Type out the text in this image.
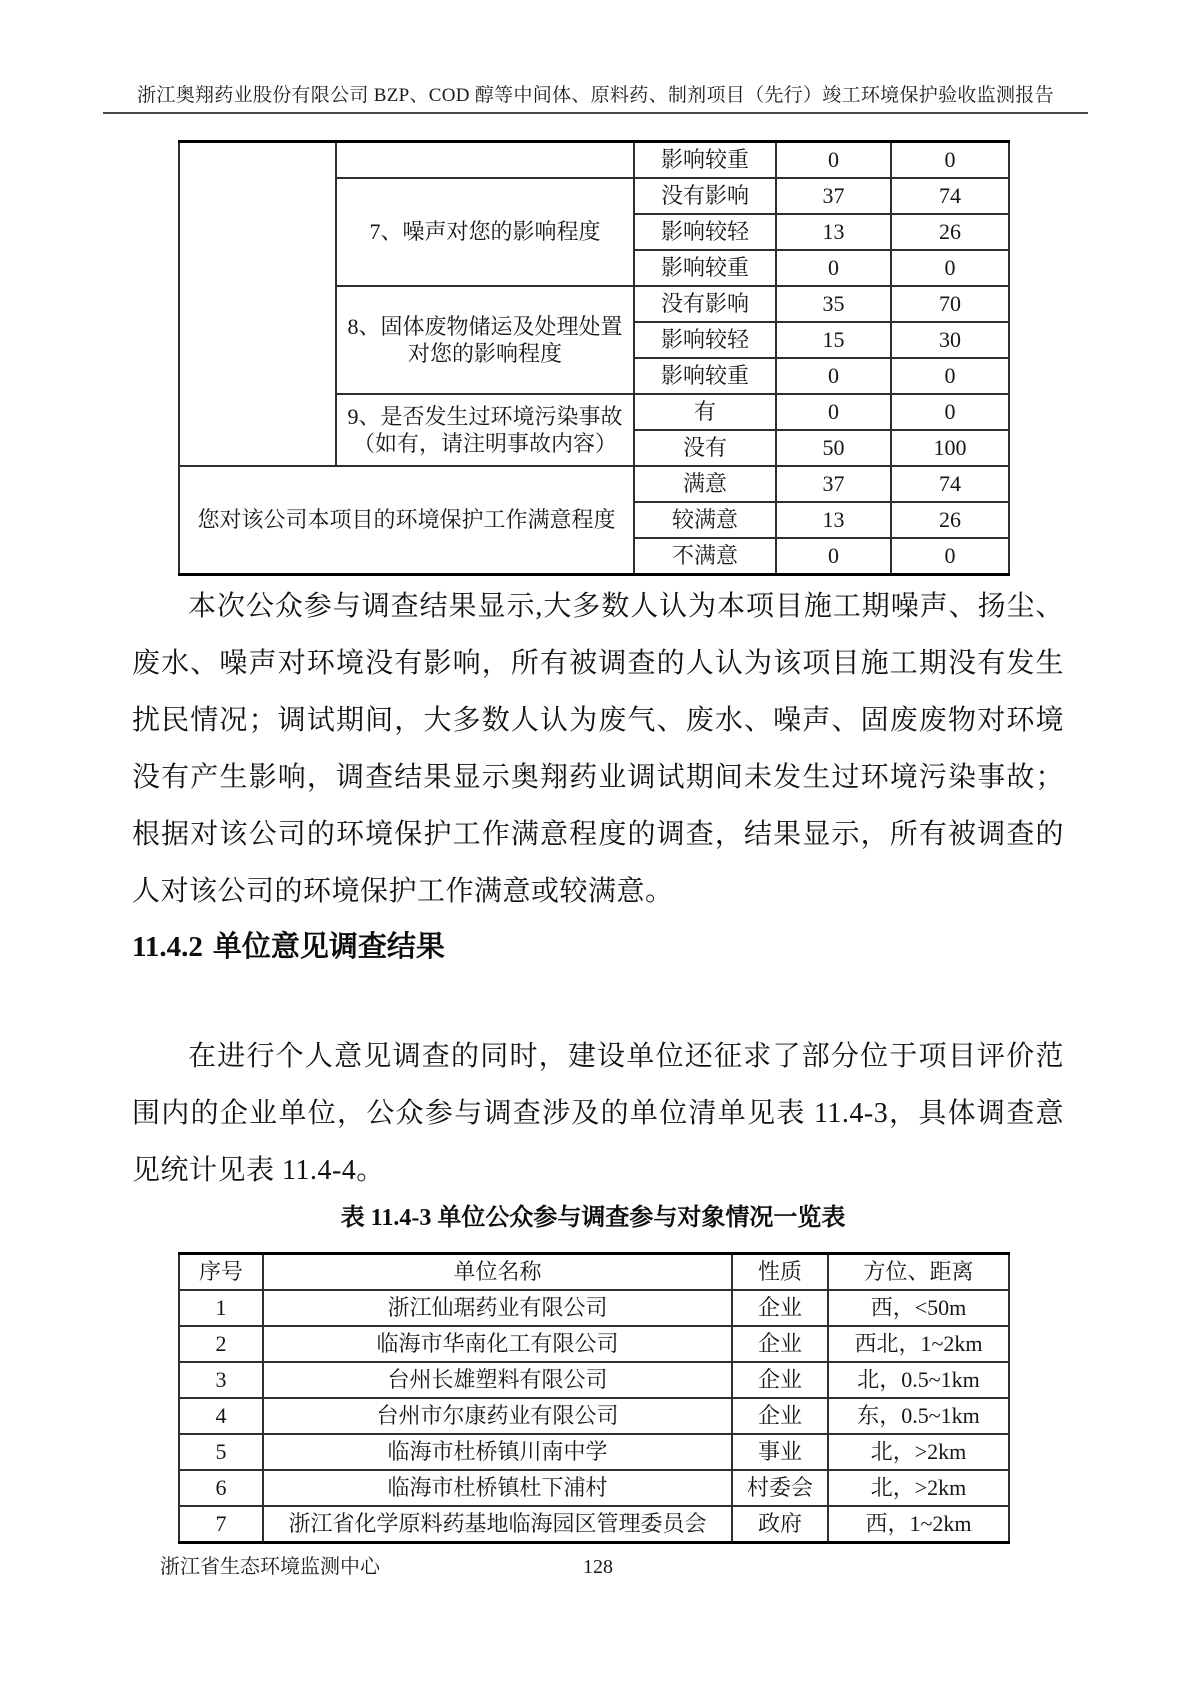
浙江奥翔药业股份有限公司 BZP、COD 醇等中间体、原料药、制剂项目（先行）竣工环境保护验收监测报告
		影响较重	0	0
	7、噪声对您的影响程度	没有影响	37	74
		影响较轻	13	26
		影响较重	0	0
	8、固体废物储运及处理处置对您的影响程度	没有影响	35	70
		影响较轻	15	30
		影响较重	0	0
	9、是否发生过环境污染事故（如有，请注明事故内容）	有	0	0
		没有	50	100
您对该公司本项目的环境保护工作满意程度		满意	37	74
		较满意	13	26
		不满意	0	0

本次公众参与调查结果显示,大多数人认为本项目施工期噪声、扬尘、废水、噪声对环境没有影响，所有被调查的人认为该项目施工期没有发生扰民情况；调试期间，大多数人认为废气、废水、噪声、固废废物对环境没有产生影响，调查结果显示奥翔药业调试期间未发生过环境污染事故；根据对该公司的环境保护工作满意程度的调查，结果显示，所有被调查的人对该公司的环境保护工作满意或较满意。

11.4.2 单位意见调查结果

在进行个人意见调查的同时，建设单位还征求了部分位于项目评价范围内的企业单位，公众参与调查涉及的单位清单见表 11.4-3，具体调查意见统计见表 11.4-4。

表 11.4-3 单位公众参与调查参与对象情况一览表
序号	单位名称	性质	方位、距离
1	浙江仙琚药业有限公司	企业	西，<50m
2	临海市华南化工有限公司	企业	西北，1~2km
3	台州长雄塑料有限公司	企业	北，0.5~1km
4	台州市尔康药业有限公司	企业	东，0.5~1km
5	临海市杜桥镇川南中学	事业	北，>2km
6	临海市杜桥镇杜下浦村	村委会	北，>2km
7	浙江省化学原料药基地临海园区管理委员会	政府	西，1~2km
浙江省生态环境监测中心	128
